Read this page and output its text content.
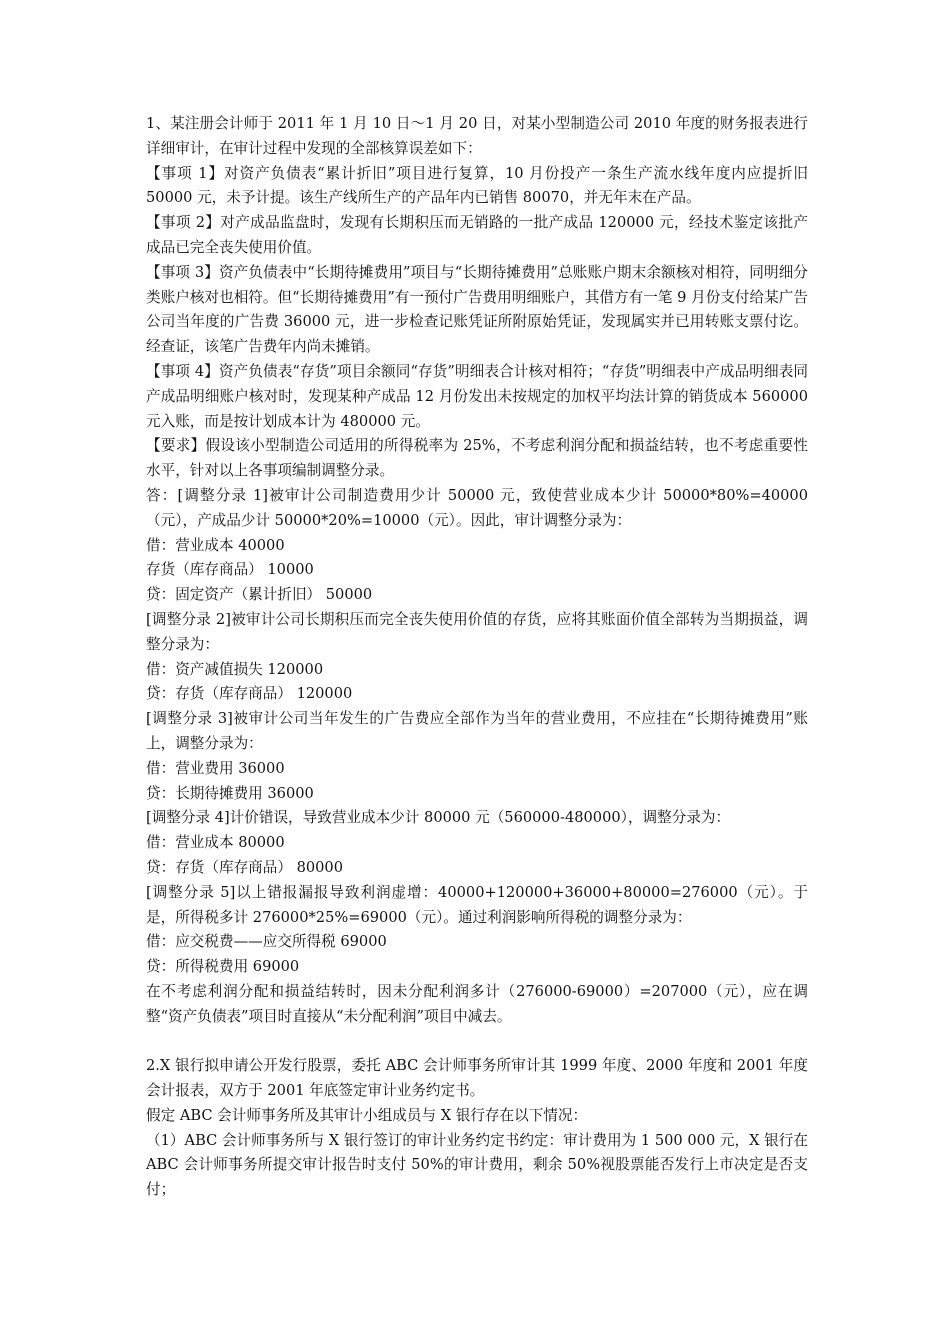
1、某注册会计师于 2011 年 1 月 10 日～1 月 20 日，对某小型制造公司 2010 年度的财务报表进行详细审计，在审计过程中发现的全部核算误差如下：

【事项 1】对资产负债表“累计折旧”项目进行复算，10 月份投产一条生产流水线年度内应提折旧 50000 元，未予计提。该生产线所生产的产品年内已销售 80070，并无年末在产品。

【事项 2】对产成品监盘时，发现有长期积压而无销路的一批产成品 120000 元，经技术鉴定该批产成品已完全丧失使用价值。

【事项 3】资产负债表中“长期待摊费用”项目与“长期待摊费用”总账账户期末余额核对相符，同明细分类账户核对也相符。但“长期待摊费用”有一预付广告费用明细账户，其借方有一笔 9 月份支付给某广告公司当年度的广告费 36000 元，进一步检查记账凭证所附原始凭证，发现属实并已用转账支票付讫。 经查证，该笔广告费年内尚未摊销。

【事项 4】资产负债表“存货”项目余额同“存货”明细表合计核对相符；“存货”明细表中产成品明细表同产成品明细账户核对时，发现某种产成品 12 月份发出未按规定的加权平均法计算的销货成本 560000 元入账，而是按计划成本计为 480000 元。

【要求】假设该小型制造公司适用的所得税率为 25%，不考虑利润分配和损益结转，也不考虑重要性水平，针对以上各事项编制调整分录。

答：[调整分录 1]被审计公司制造费用少计 50000 元，致使营业成本少计 50000*80%=40000（元），产成品少计 50000*20%=10000（元）。因此，审计调整分录为：

借：营业成本 40000

存货（库存商品） 10000

贷：固定资产（累计折旧） 50000

[调整分录 2]被审计公司长期积压而完全丧失使用价值的存货，应将其账面价值全部转为当期损益，调整分录为：

借：资产减值损失 120000

贷：存货（库存商品） 120000

[调整分录 3]被审计公司当年发生的广告费应全部作为当年的营业费用，不应挂在“长期待摊费用”账上，调整分录为：

借：营业费用 36000

贷：长期待摊费用 36000

[调整分录 4]计价错误，导致营业成本少计 80000 元（560000-480000），调整分录为：

借：营业成本 80000

贷：存货（库存商品） 80000

[调整分录 5]以上错报漏报导致利润虚增：40000+120000+36000+80000=276000（元）。于是，所得税多计 276000*25%=69000（元）。通过利润影响所得税的调整分录为：

借：应交税费——应交所得税 69000

贷：所得税费用 69000

在不考虑利润分配和损益结转时，因未分配利润多计（276000-69000）=207000（元），应在调整“资产负债表”项目时直接从“未分配利润”项目中减去。

2.X 银行拟申请公开发行股票，委托 ABC 会计师事务所审计其 1999 年度、2000 年度和 2001 年度会计报表，双方于 2001 年底签定审计业务约定书。

假定 ABC 会计师事务所及其审计小组成员与 X 银行存在以下情况：

（1）ABC 会计师事务所与 X 银行签订的审计业务约定书约定：审计费用为 1 500 000 元，X 银行在 ABC 会计师事务所提交审计报告时支付 50%的审计费用，剩余 50%视股票能否发行上市决定是否支付；
